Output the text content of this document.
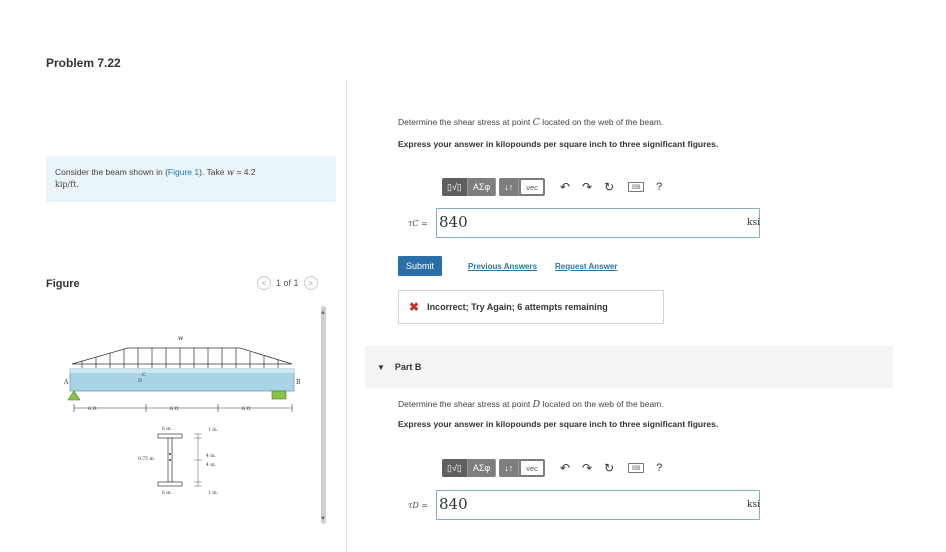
Problem 7.22
Consider the beam shown in (Figure 1). Take w = 4.2
kip/ft.
Figure	<	1 of 1	>
▲
▼
w
A	B
C
D
6 ft	6 ft	6 ft
6 in.	1 in.
0.75 in.
4 in.
4 in.
6 in.	1 in.
Determine the shear stress at point C located on the web of the beam.
Express your answer in kilopounds per square inch to three significant figures.
▯√▯	ΑΣφ	↓↑	vec	↶ ↷ ↻	⌨	?
τC = 840	ksi
Submit	Previous Answers Request Answer
✖ Incorrect; Try Again; 6 attempts remaining
▼ Part B
Determine the shear stress at point D located on the web of the beam.
Express your answer in kilopounds per square inch to three significant figures.
▯√▯	ΑΣφ	↓↑	vec	↶ ↷ ↻	⌨	?
τD = 840	ksi
